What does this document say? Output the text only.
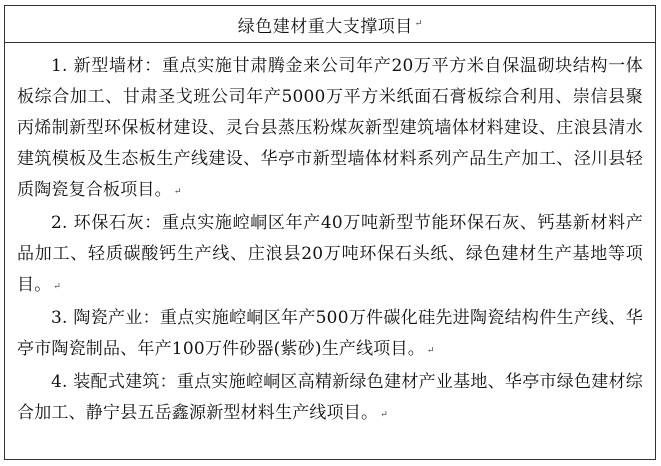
绿色建材重大支撑项目 ↵

1. 新型墙材：重点实施甘肃腾金来公司年产20万平方米自保温砌块结构一体板综合加工、甘肃圣戈班公司年产5000万平方米纸面石膏板综合利用、崇信县聚丙烯制新型环保板材建设、灵台县蒸压粉煤灰新型建筑墙体材料建设、庄浪县清水建筑模板及生态板生产线建设、华亭市新型墙体材料系列产品生产加工、泾川县轻质陶瓷复合板项目。 ↵

2. 环保石灰：重点实施崆峒区年产40万吨新型节能环保石灰、钙基新材料产品加工、轻质碳酸钙生产线、庄浪县20万吨环保石头纸、绿色建材生产基地等项目。 ↵

3. 陶瓷产业：重点实施崆峒区年产500万件碳化硅先进陶瓷结构件生产线、华亭市陶瓷制品、年产100万件砂器(紫砂)生产线项目。 ↵

4. 装配式建筑：重点实施崆峒区高精新绿色建材产业基地、华亭市绿色建材综合加工、静宁县五岳鑫源新型材料生产线项目。 ↵
